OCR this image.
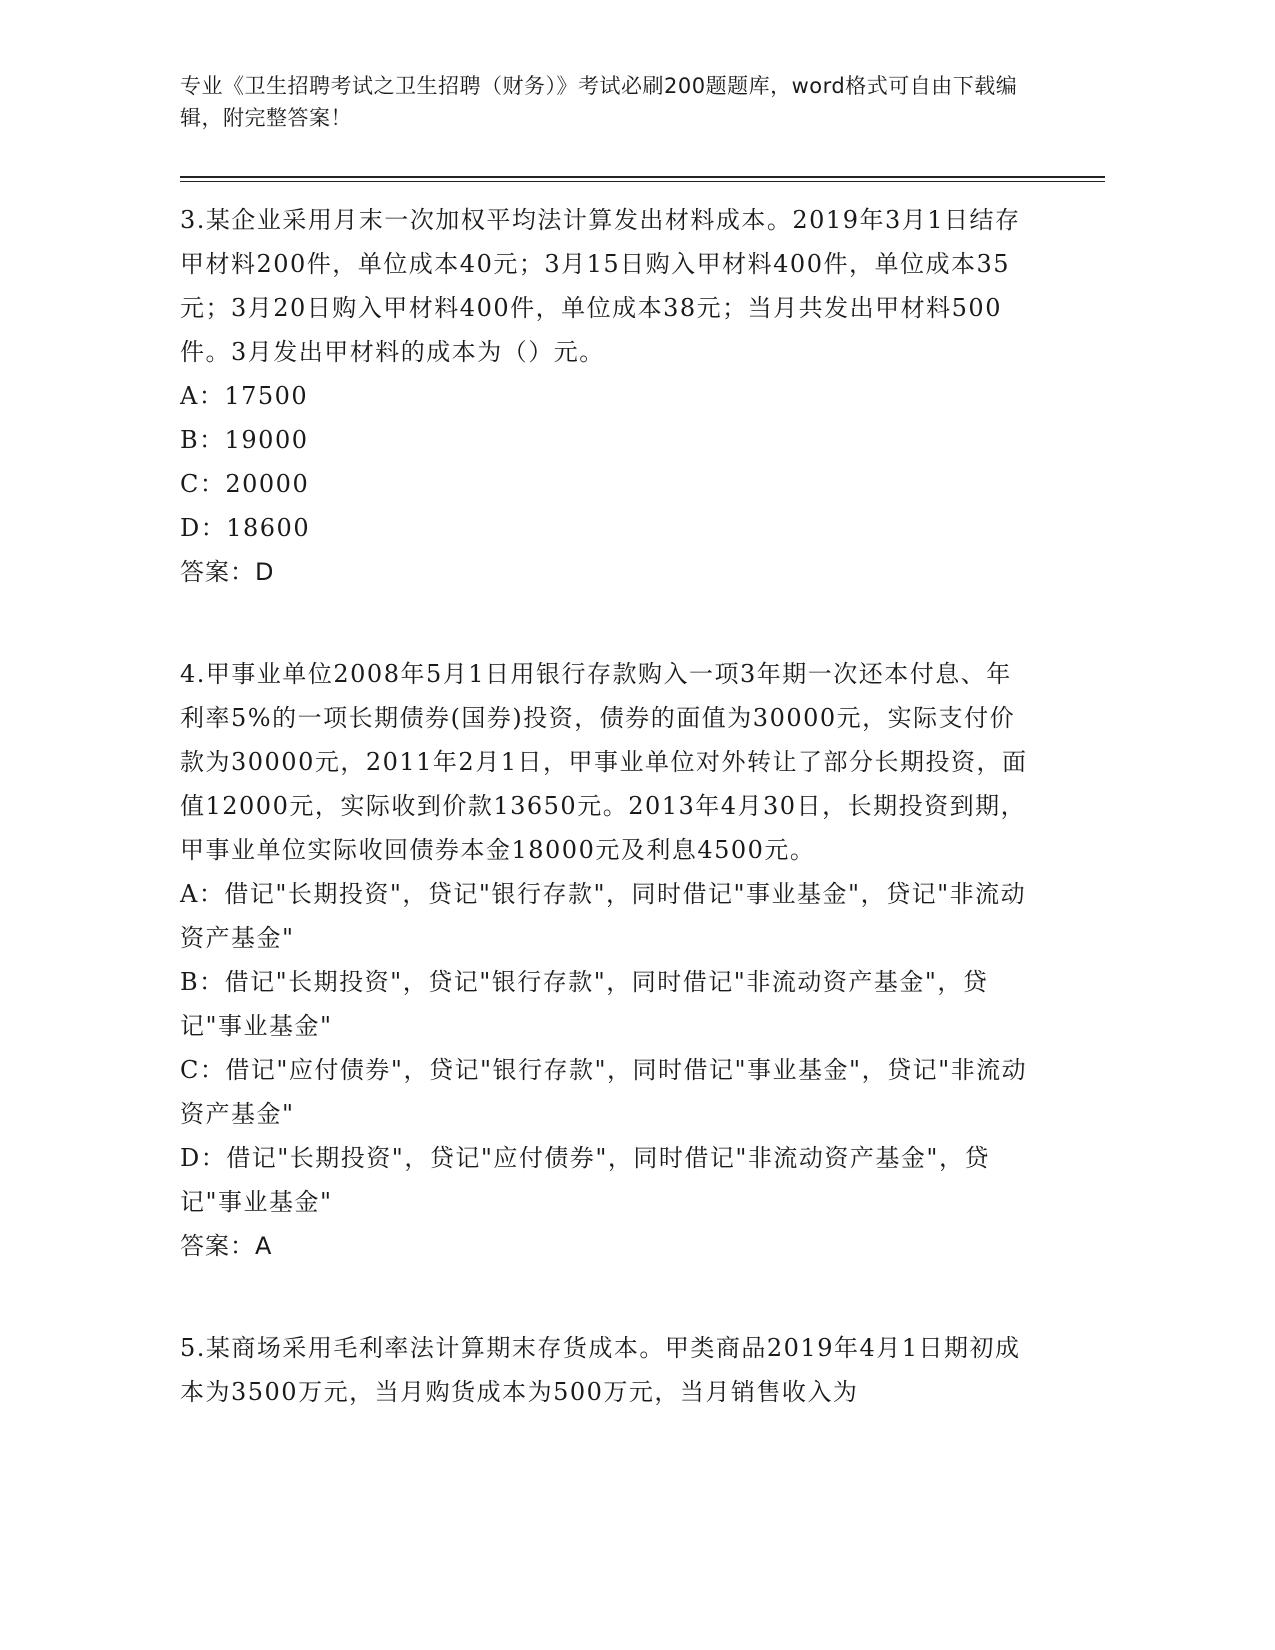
专业《卫生招聘考试之卫生招聘（财务）》考试必刷200题题库，word格式可自由下载编辑，附完整答案！

3.某企业采用月末一次加权平均法计算发出材料成本。2019年3月1日结存甲材料200件，单位成本40元；3月15日购入甲材料400件，单位成本35元；3月20日购入甲材料400件，单位成本38元；当月共发出甲材料500件。3月发出甲材料的成本为（）元。

A：17500

B：19000

C：20000

D：18600

答案：D

4.甲事业单位2008年5月1日用银行存款购入一项3年期一次还本付息、年利率5%的一项长期债券(国券)投资，债券的面值为30000元，实际支付价款为30000元，2011年2月1日，甲事业单位对外转让了部分长期投资，面值12000元，实际收到价款13650元。2013年4月30日，长期投资到期，甲事业单位实际收回债券本金18000元及利息4500元。

A：借记"长期投资"，贷记"银行存款"，同时借记"事业基金"，贷记"非流动资产基金"

B：借记"长期投资"，贷记"银行存款"，同时借记"非流动资产基金"，贷记"事业基金"

C：借记"应付债券"，贷记"银行存款"，同时借记"事业基金"，贷记"非流动资产基金"

D：借记"长期投资"，贷记"应付债券"，同时借记"非流动资产基金"，贷记"事业基金"

答案：A

5.某商场采用毛利率法计算期末存货成本。甲类商品2019年4月1日期初成本为3500万元，当月购货成本为500万元，当月销售收入为
